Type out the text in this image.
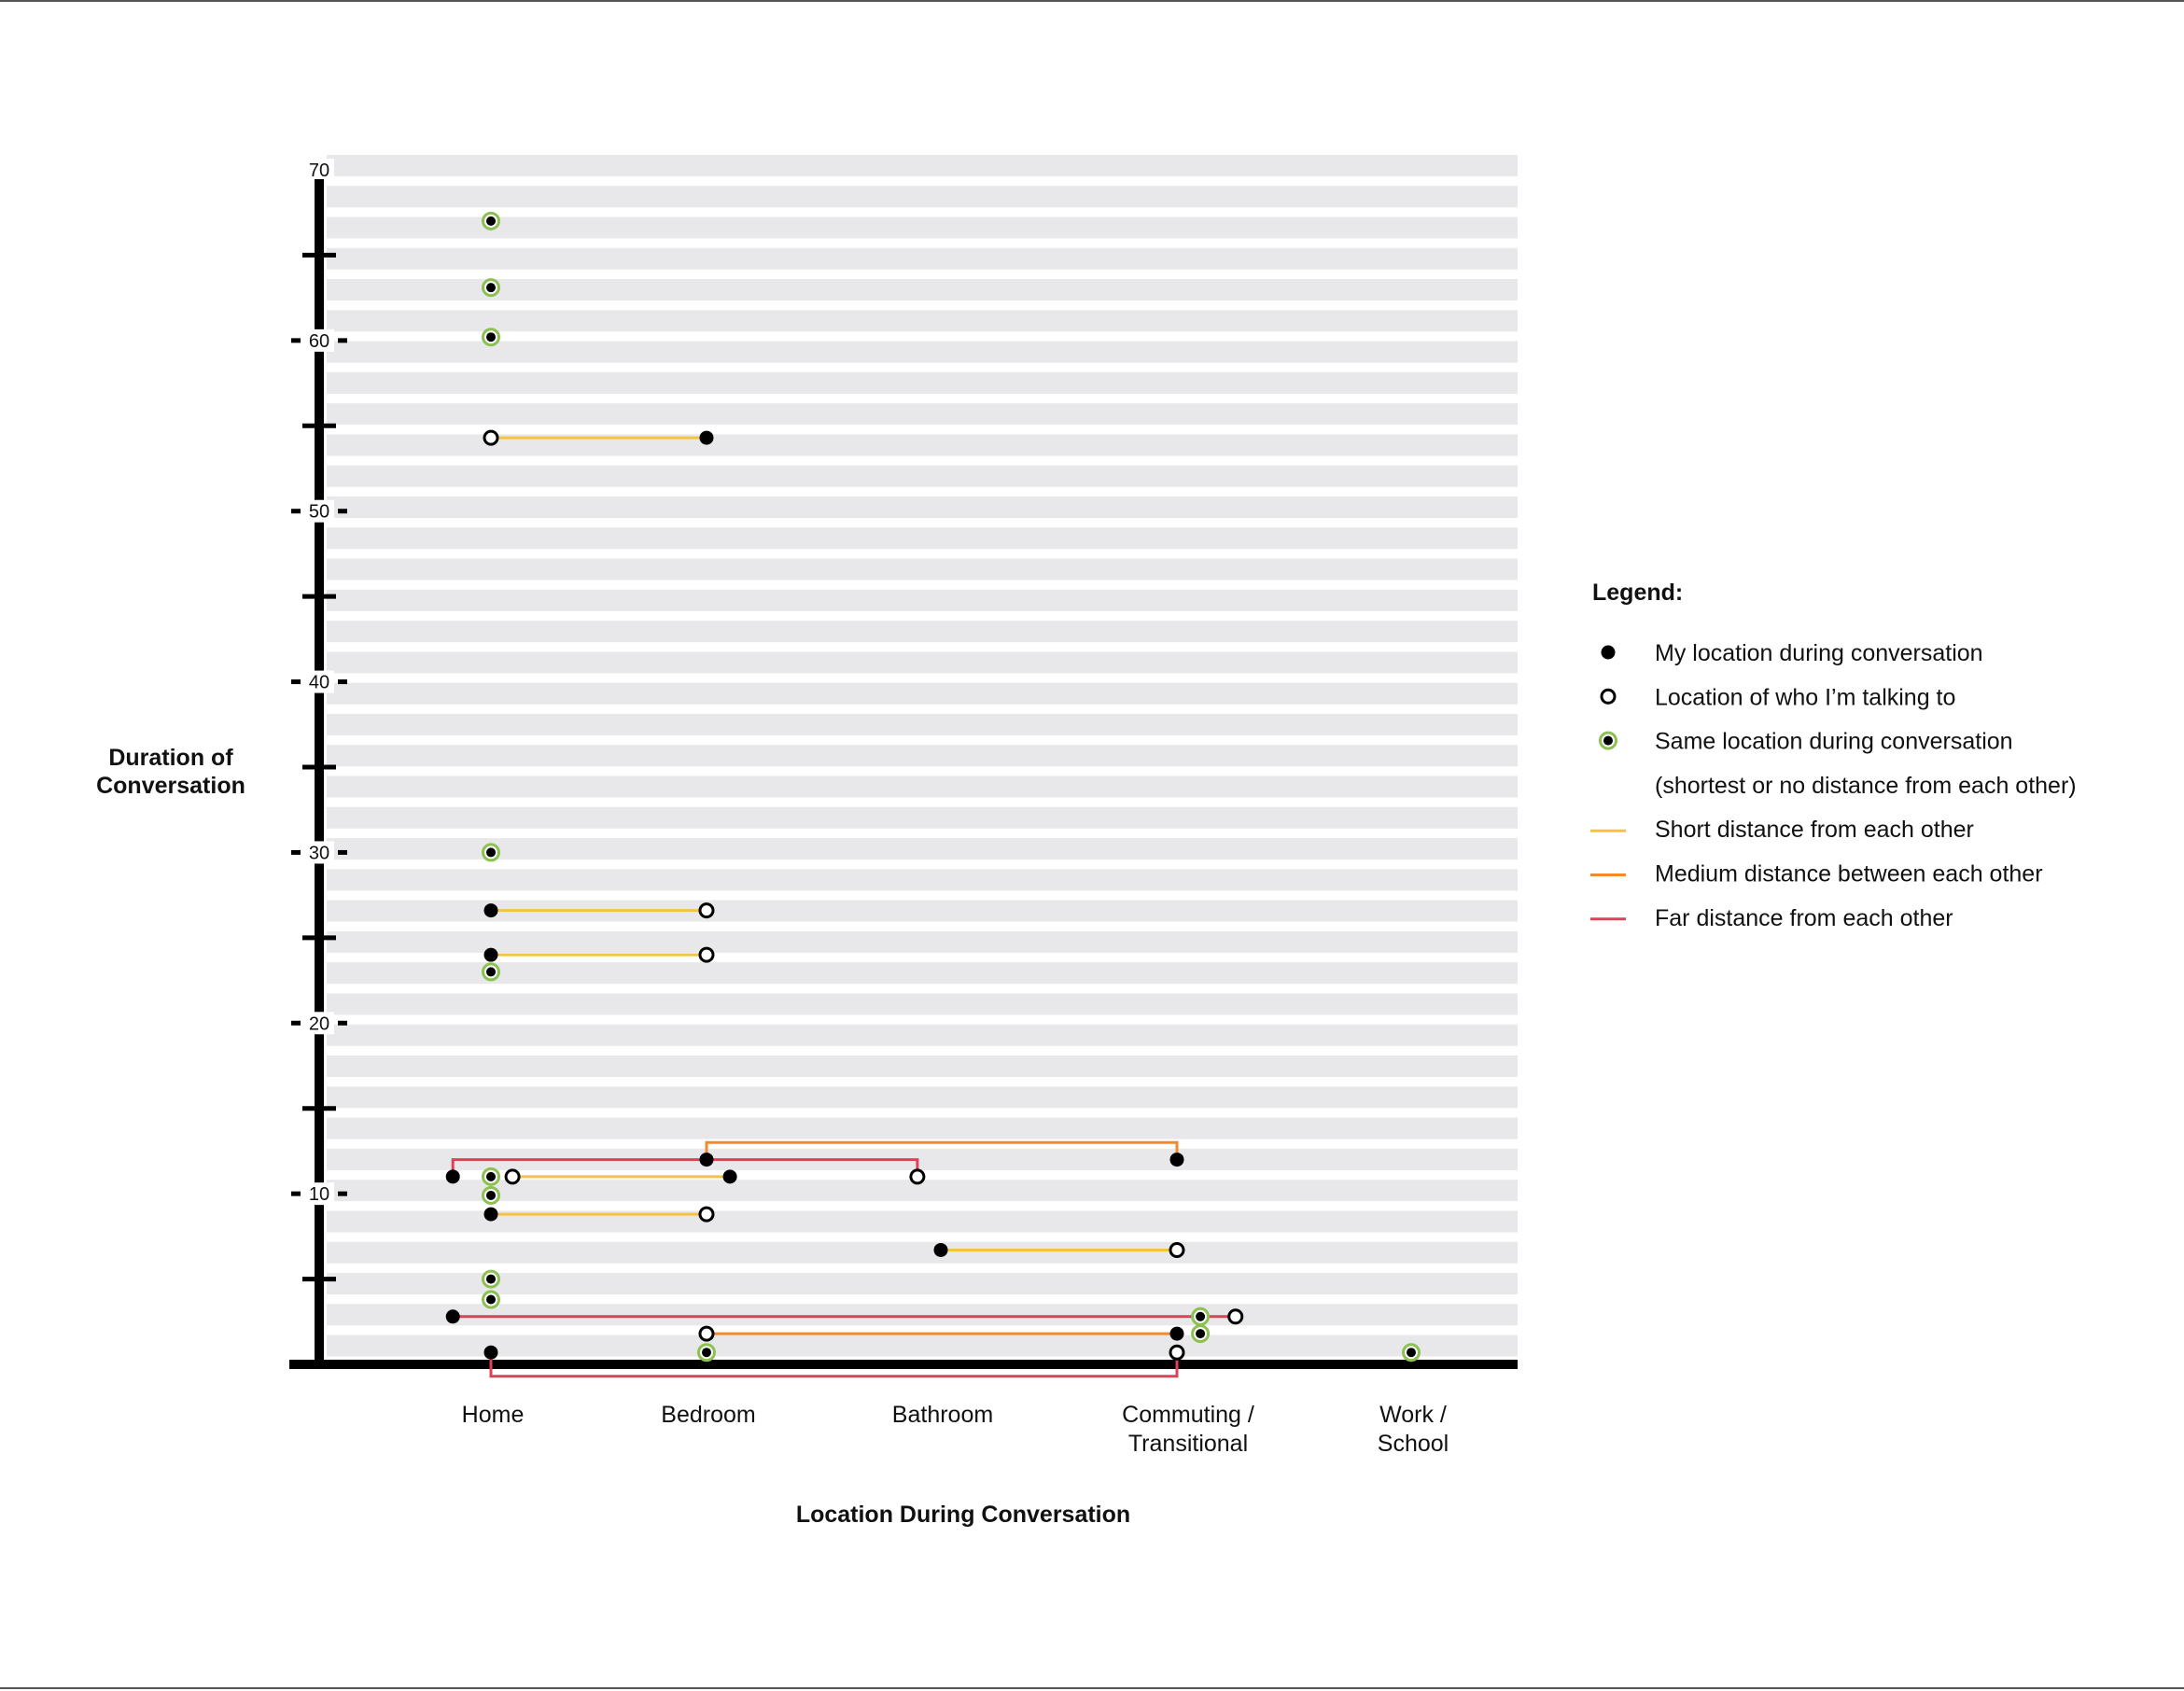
10
20
30
40
50
60
70
Home	Bedroom	Bathroom	Commuting /
Transitional
Work /
School
Location During Conversation
Duration of
Conversation
Legend:
My location during conversation
Location of who I’m talking to
Same location during conversation
(shortest or no distance from each other)
Short distance from each other
Medium distance between each other
Far distance from each other
